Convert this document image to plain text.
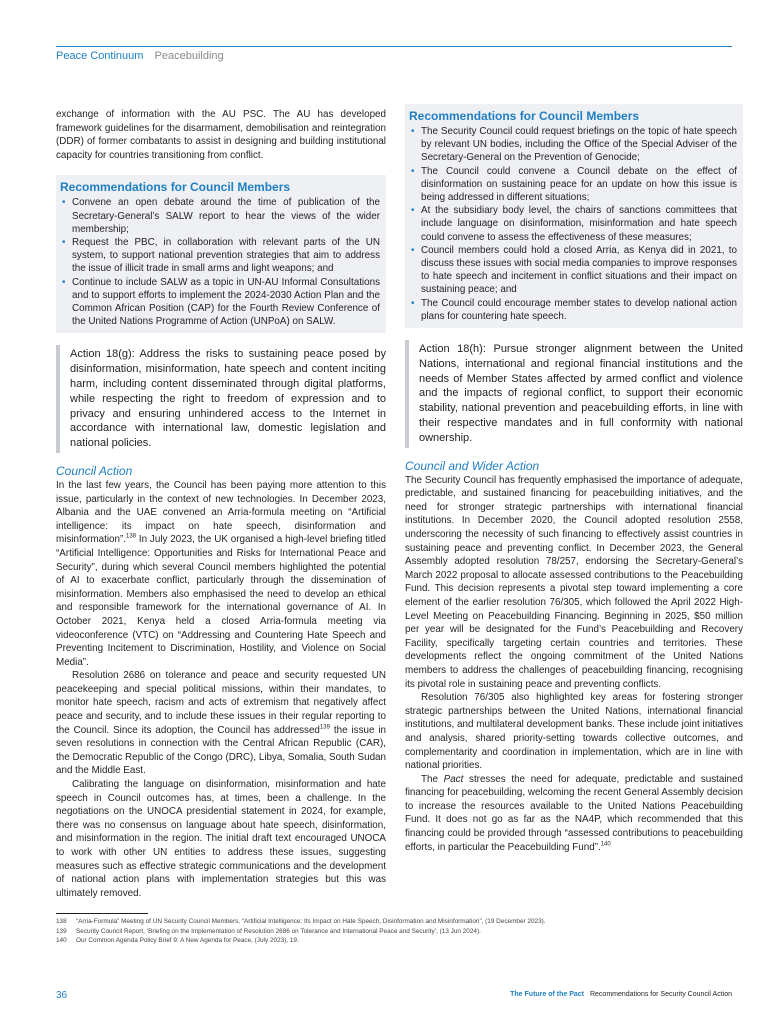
Peace Continuum Peacebuilding

exchange of information with the AU PSC. The AU has developed framework guidelines for the disarmament, demobilisation and reintegration (DDR) of former combatants to assist in designing and building institutional capacity for countries transitioning from conflict.

Recommendations for Council Members
• Convene an open debate around the time of publication of the Secretary-General’s SALW report to hear the views of the wider membership;
• Request the PBC, in collaboration with relevant parts of the UN system, to support national prevention strategies that aim to address the issue of illicit trade in small arms and light weapons; and
• Continue to include SALW as a topic in UN-AU Informal Consultations and to support efforts to implement the 2024-2030 Action Plan and the Common African Position (CAP) for the Fourth Review Conference of the United Nations Programme of Action (UNPoA) on SALW.

Action 18(g): Address the risks to sustaining peace posed by disinformation, misinformation, hate speech and content inciting harm, including content disseminated through digital platforms, while respecting the right to freedom of expression and to privacy and ensuring unhindered access to the Internet in accordance with international law, domestic legislation and national policies.

Council Action

In the last few years, the Council has been paying more attention to this issue, particularly in the context of new technologies. In December 2023, Albania and the UAE convened an Arria-formula meeting on “Artificial intelligence: its impact on hate speech, disinformation and misinformation”.$^{138}$ In July 2023, the UK organised a high-level briefing titled “Artificial Intelligence: Opportunities and Risks for International Peace and Security”, during which several Council members highlighted the potential of AI to exacerbate conflict, particularly through the dissemination of misinformation. Members also emphasised the need to develop an ethical and responsible framework for the international governance of AI. In October 2021, Kenya held a closed Arria-formula meeting via videoconference (VTC) on “Addressing and Countering Hate Speech and Preventing Incitement to Discrimination, Hostility, and Violence on Social Media”.

Resolution 2686 on tolerance and peace and security requested UN peacekeeping and special political missions, within their mandates, to monitor hate speech, racism and acts of extremism that negatively affect peace and security, and to include these issues in their regular reporting to the Council. Since its adoption, the Council has addressed$^{139}$ the issue in seven resolutions in connection with the Central African Republic (CAR), the Democratic Republic of the Congo (DRC), Libya, Somalia, South Sudan and the Middle East.

Calibrating the language on disinformation, misinformation and hate speech in Council outcomes has, at times, been a challenge. In the negotiations on the UNOCA presidential statement in 2024, for example, there was no consensus on language about hate speech, disinformation, and misinformation in the region. The initial draft text encouraged UNOCA to work with other UN entities to address these issues, suggesting measures such as effective strategic communications and the development of national action plans with implementation strategies but this was ultimately removed.

Recommendations for Council Members
• The Security Council could request briefings on the topic of hate speech by relevant UN bodies, including the Office of the Special Adviser of the Secretary-General on the Prevention of Genocide;
• The Council could convene a Council debate on the effect of disinformation on sustaining peace for an update on how this issue is being addressed in different situations;
• At the subsidiary body level, the chairs of sanctions committees that include language on disinformation, misinformation and hate speech could convene to assess the effectiveness of these measures;
• Council members could hold a closed Arria, as Kenya did in 2021, to discuss these issues with social media companies to improve responses to hate speech and incitement in conflict situations and their impact on sustaining peace; and
• The Council could encourage member states to develop national action plans for countering hate speech.

Action 18(h): Pursue stronger alignment between the United Nations, international and regional financial institutions and the needs of Member States affected by armed conflict and violence and the impacts of regional conflict, to support their economic stability, national prevention and peacebuilding efforts, in line with their respective mandates and in full conformity with national ownership.

Council and Wider Action

The Security Council has frequently emphasised the importance of adequate, predictable, and sustained financing for peacebuilding initiatives, and the need for stronger strategic partnerships with international financial institutions. In December 2020, the Council adopted resolution 2558, underscoring the necessity of such financing to effectively assist countries in sustaining peace and preventing conflict. In December 2023, the General Assembly adopted resolution 78/257, endorsing the Secretary-General’s March 2022 proposal to allocate assessed contributions to the Peacebuilding Fund. This decision represents a pivotal step toward implementing a core element of the earlier resolution 76/305, which followed the April 2022 High-Level Meeting on Peacebuilding Financing. Beginning in 2025, $50 million per year will be designated for the Fund’s Peacebuilding and Recovery Facility, specifically targeting certain countries and territories. These developments reflect the ongoing commitment of the United Nations members to address the challenges of peacebuilding financing, recognising its pivotal role in sustaining peace and preventing conflicts.

Resolution 76/305 also highlighted key areas for fostering stronger strategic partnerships between the United Nations, international financial institutions, and multilateral development banks. These include joint initiatives and analysis, shared priority-setting towards collective outcomes, and complementarity and coordination in implementation, which are in line with national priorities.

The Pact stresses the need for adequate, predictable and sustained financing for peacebuilding, welcoming the recent General Assembly decision to increase the resources available to the United Nations Peacebuilding Fund. It does not go as far as the NA4P, which recommended that this financing could be provided through “assessed contributions to peacebuilding efforts, in particular the Peacebuilding Fund”.$^{140}$

138 “Arria-Formula” Meeting of UN Security Council Members, “Artificial Intelligence: Its Impact on Hate Speech, Disinformation and Misinformation”, (19 December 2023).
139 Security Council Report, ‘Briefing on the Implementation of Resolution 2686 on Tolerance and International Peace and Security’, (13 Jun 2024).
140 Our Common Agenda Policy Brief 9: A New Agenda for Peace, (July 2023), 19.
36	The Future of the Pact Recommendations for Security Council Action
